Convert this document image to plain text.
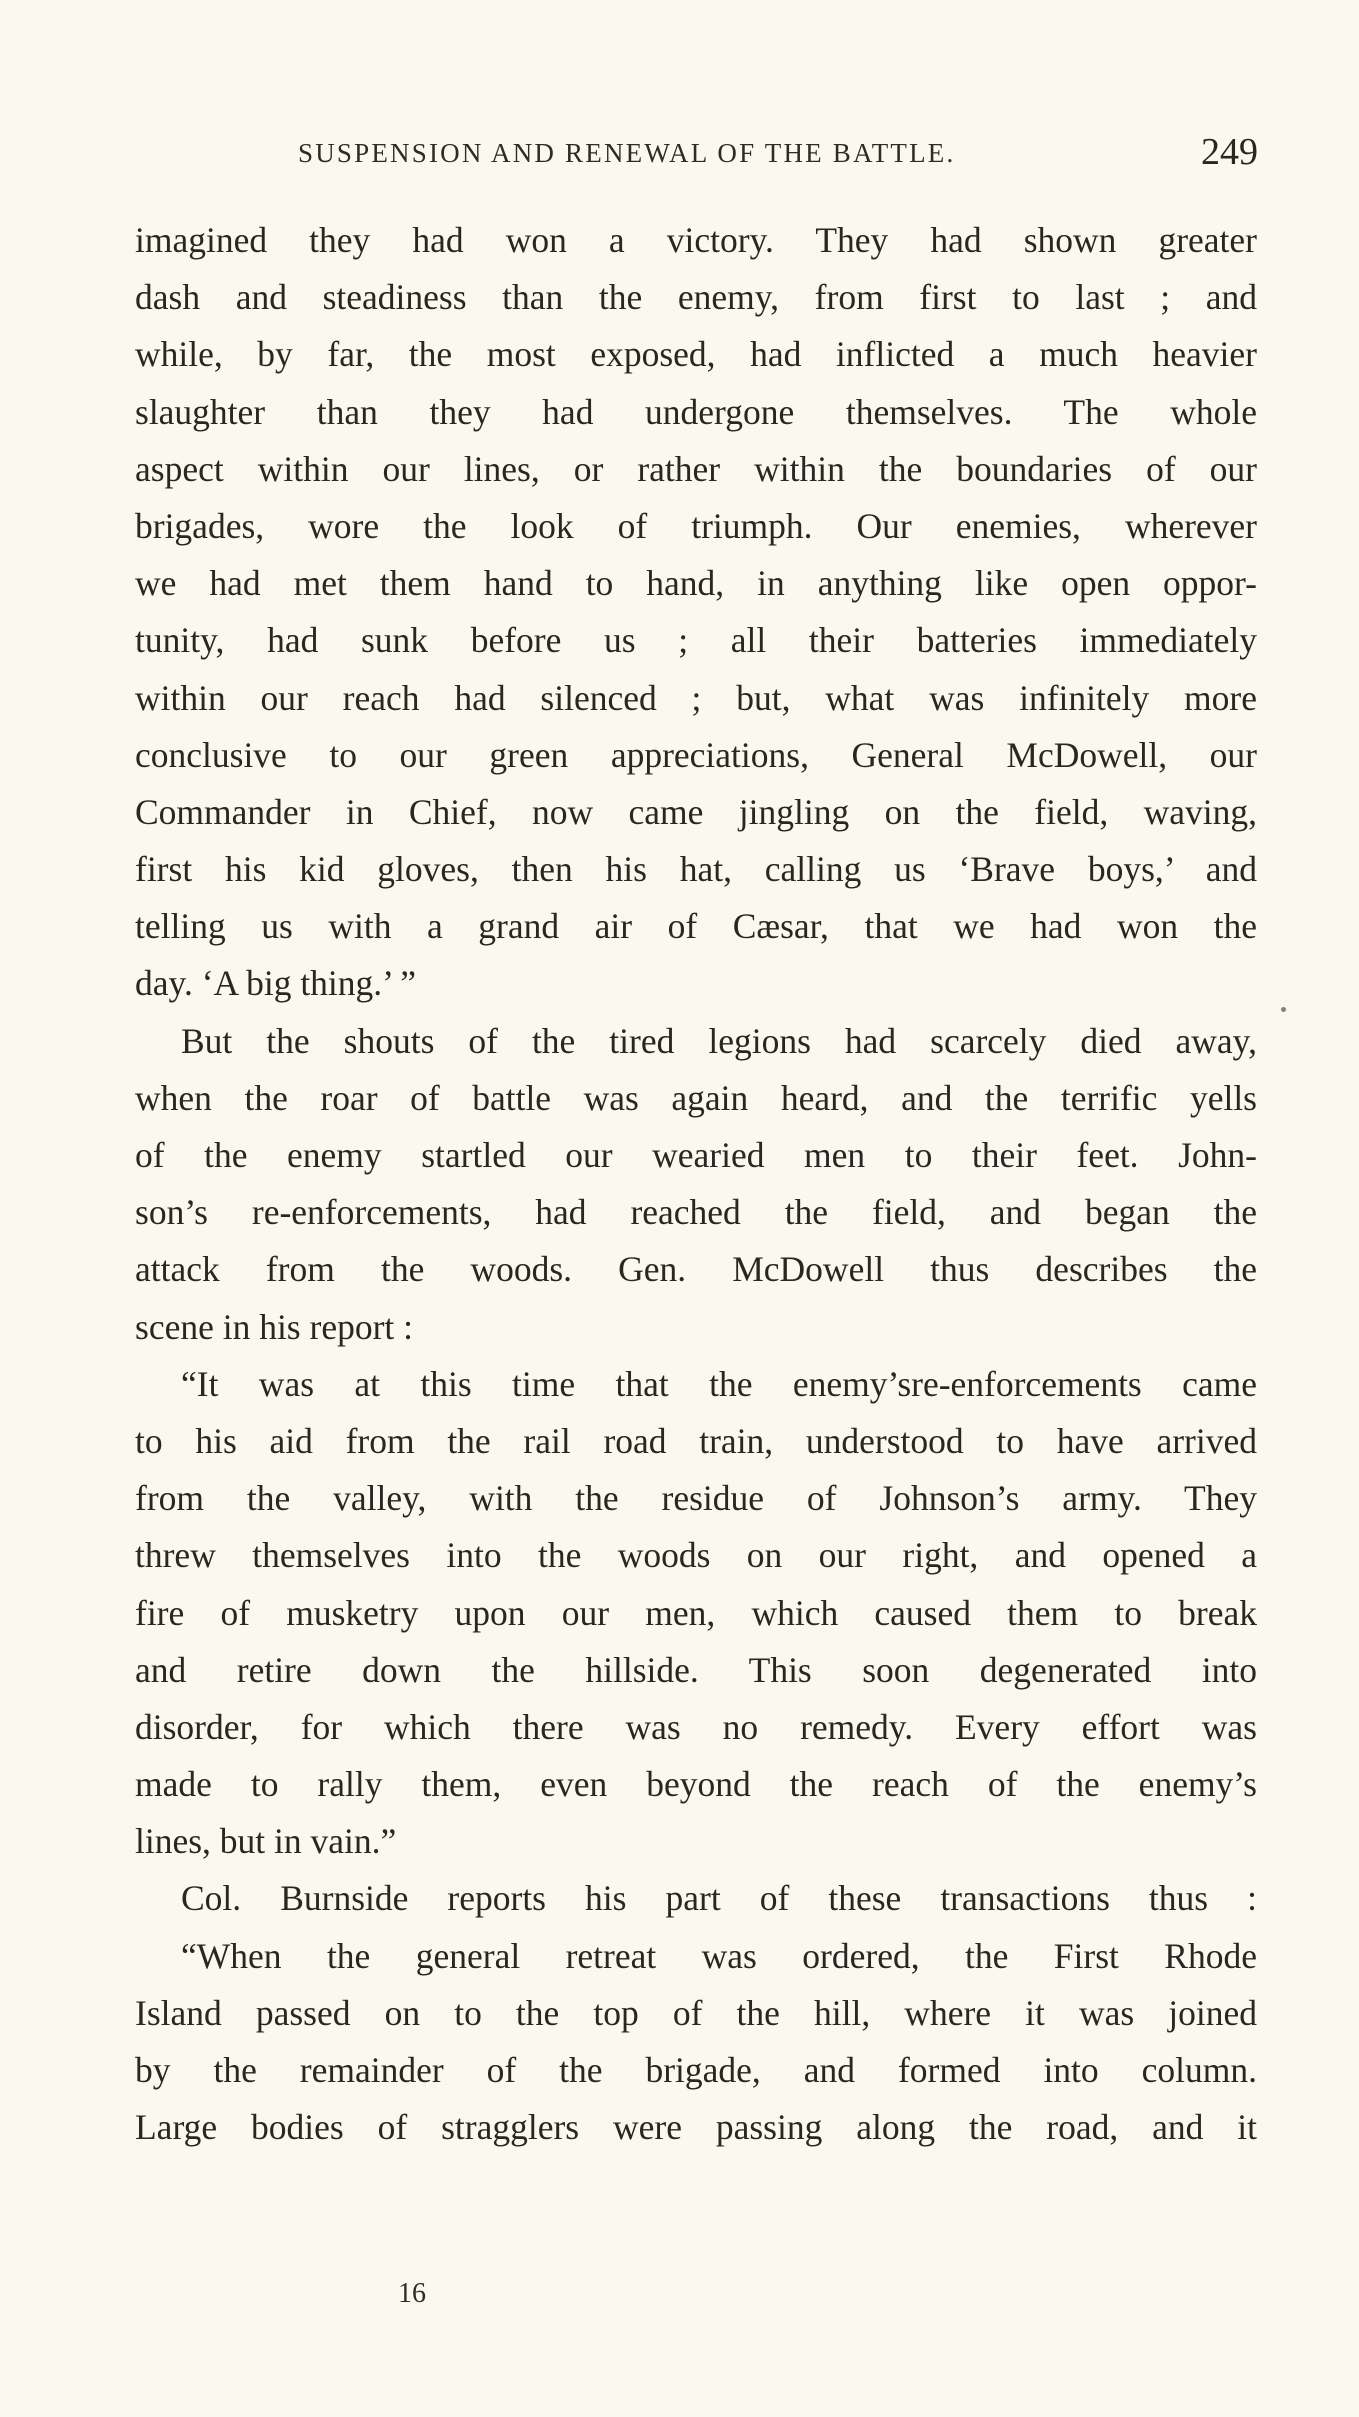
SUSPENSION AND RENEWAL OF THE BATTLE.	249
imagined they had won a victory. They had shown greater
dash and steadiness than the enemy, from first to last ; and
while, by far, the most exposed, had inflicted a much heavier
slaughter than they had undergone themselves. The whole
aspect within our lines, or rather within the boundaries of our
brigades, wore the look of triumph. Our enemies, wherever
we had met them hand to hand, in anything like open oppor-
tunity, had sunk before us ; all their batteries immediately
within our reach had silenced ; but, what was infinitely more
conclusive to our green appreciations, General McDowell, our
Commander in Chief, now came jingling on the field, waving,
first his kid gloves, then his hat, calling us ‘Brave boys,’ and
telling us with a grand air of Cæsar, that we had won the
day. ‘A big thing.’ ”
But the shouts of the tired legions had scarcely died away,
when the roar of battle was again heard, and the terrific yells
of the enemy startled our wearied men to their feet. John-
son’s re-enforcements, had reached the field, and began the
attack from the woods. Gen. McDowell thus describes the
scene in his report :
“It was at this time that the enemy’sre-enforcements came
to his aid from the rail road train, understood to have arrived
from the valley, with the residue of Johnson’s army. They
threw themselves into the woods on our right, and opened a
fire of musketry upon our men, which caused them to break
and retire down the hillside. This soon degenerated into
disorder, for which there was no remedy. Every effort was
made to rally them, even beyond the reach of the enemy’s
lines, but in vain.”
Col. Burnside reports his part of these transactions thus :
“When the general retreat was ordered, the First Rhode
Island passed on to the top of the hill, where it was joined
by the remainder of the brigade, and formed into column.
Large bodies of stragglers were passing along the road, and it
16
